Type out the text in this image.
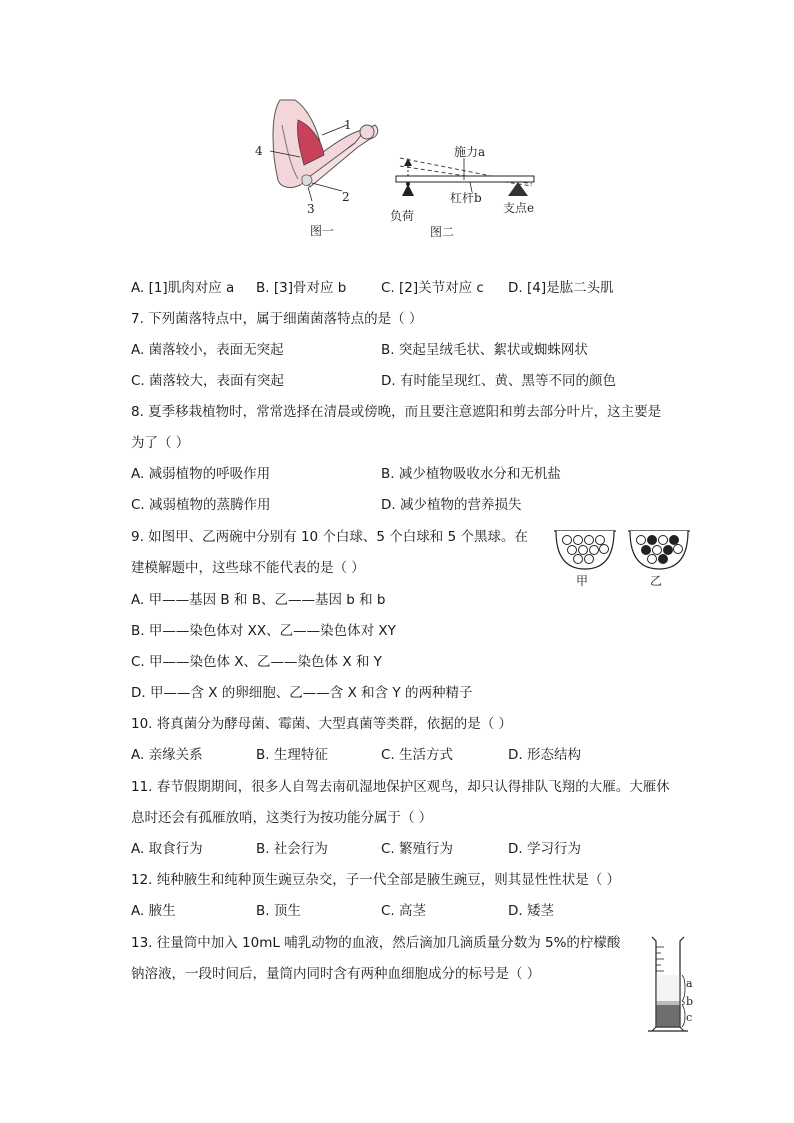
1
2
3
4
图一
施力a
杠杆b
负荷
支点e
图二
A. [1]肌肉对应 a B. [3]骨对应 b	C. [2]关节对应 c D. [4]是肱二头肌
7. 下列菌落特点中，属于细菌菌落特点的是（ ）
A. 菌落较小，表面无突起	B. 突起呈绒毛状、絮状或蜘蛛网状
C. 菌落较大，表面有突起	D. 有时能呈现红、黄、黑等不同的颜色
8. 夏季移栽植物时，常常选择在清晨或傍晚，而且要注意遮阳和剪去部分叶片，这主要是
为了（ ）
A. 减弱植物的呼吸作用	B. 减少植物吸收水分和无机盐
C. 减弱植物的蒸腾作用	D. 减少植物的营养损失
9. 如图甲、乙两碗中分别有 10 个白球、5 个白球和 5 个黑球。在
建模解题中，这些球不能代表的是（ ）
A. 甲——基因 B 和 B、乙——基因 b 和 b
B. 甲——染色体对 XX、乙——染色体对 XY
C. 甲——染色体 X、乙——染色体 X 和 Y
D. 甲——含 X 的卵细胞、乙——含 X 和含 Y 的两种精子
甲	乙
10. 将真菌分为酵母菌、霉菌、大型真菌等类群，依据的是（ ）
A. 亲缘关系	B. 生理特征	C. 生活方式	D. 形态结构
11. 春节假期期间，很多人自驾去南矶湿地保护区观鸟，却只认得排队飞翔的大雁。大雁休
息时还会有孤雁放哨，这类行为按功能分属于（ ）
A. 取食行为	B. 社会行为	C. 繁殖行为	D. 学习行为
12. 纯种腋生和纯种顶生豌豆杂交，子一代全部是腋生豌豆，则其显性性状是（ ）
A. 腋生	B. 顶生	C. 高茎	D. 矮茎
13. 往量筒中加入 10mL 哺乳动物的血液，然后滴加几滴质量分数为 5%的柠檬酸
钠溶液，一段时间后，量筒内同时含有两种血细胞成分的标号是（ ）
a
b
c
